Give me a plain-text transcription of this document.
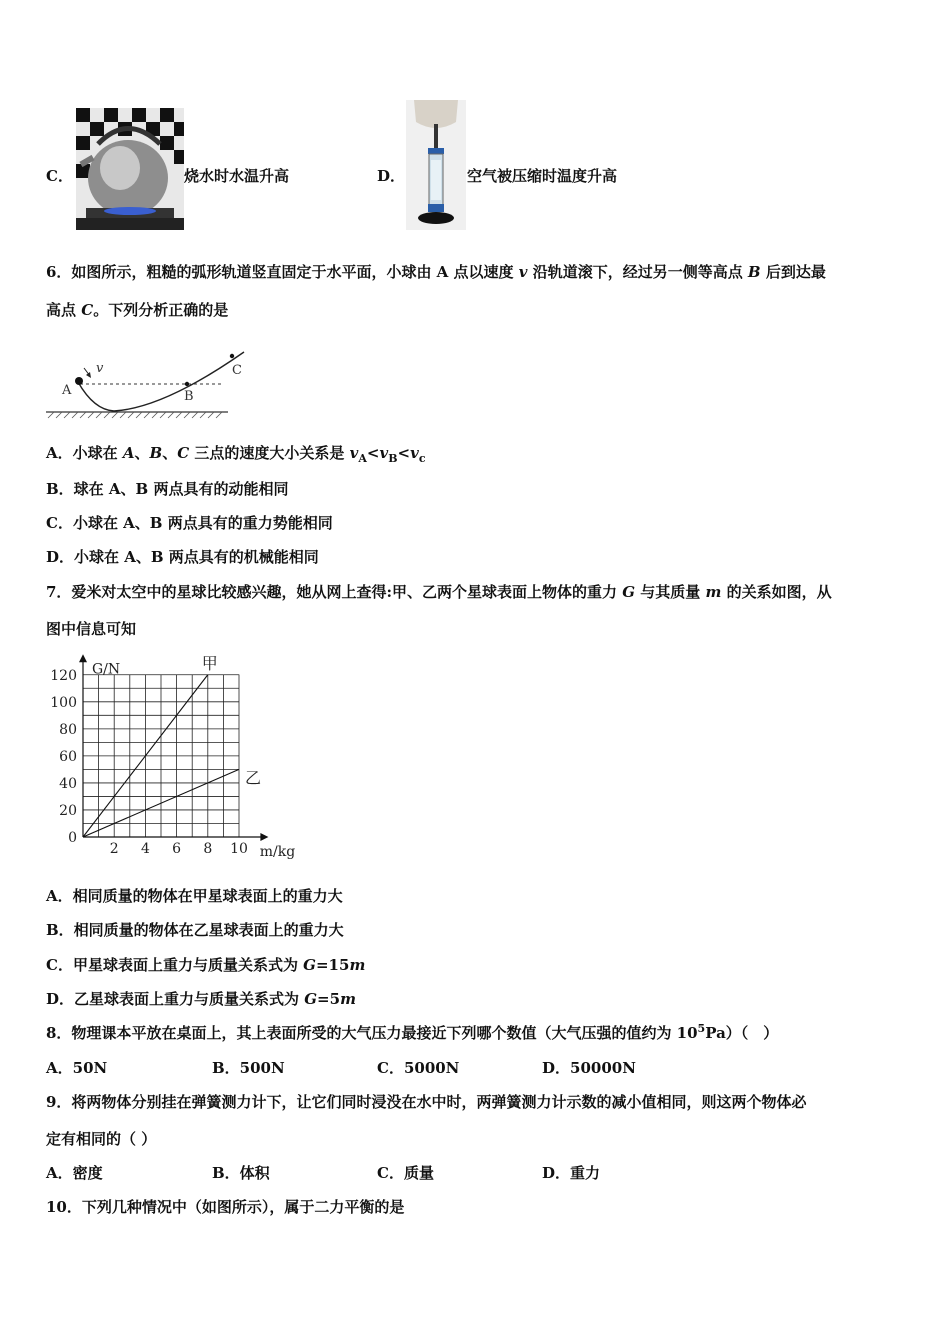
C．	烧水时水温升高	D．	空气被压缩时温度升高
6．如图所示，粗糙的弧形轨道竖直固定于水平面，小球由 A 点以速度 v 沿轨道滚下，经过另一侧等高点 B 后到达最
高点 C。下列分析正确的是
A
v
B
C
A．小球在 A、B、C 三点的速度大小关系是 $v_A<v_B<v_c$
B．球在 A、B 两点具有的动能相同
C．小球在 A、B 两点具有的重力势能相同
D．小球在 A、B 两点具有的机械能相同
7．爱米对太空中的星球比较感兴趣，她从网上查得:甲、乙两个星球表面上物体的重力 G 与其质量 m 的关系如图，从
图中信息可知
0
20
40
60
80
100
120
2 4 6 8 10
G/N
m/kg
甲
乙
A．相同质量的物体在甲星球表面上的重力大
B．相同质量的物体在乙星球表面上的重力大
C．甲星球表面上重力与质量关系式为 G=15m
D．乙星球表面上重力与质量关系式为 G=5m
8．物理课本平放在桌面上，其上表面所受的大气压力最接近下列哪个数值（大气压强的值约为 $10^5Pa$）（　）
A．50N	B．500N	C．5000N	D．50000N
9．将两物体分别挂在弹簧测力计下，让它们同时浸没在水中时，两弹簧测力计示数的减小值相同，则这两个物体必
定有相同的（ ）
A．密度	B．体积	C．质量	D．重力
10．下列几种情况中（如图所示），属于二力平衡的是
